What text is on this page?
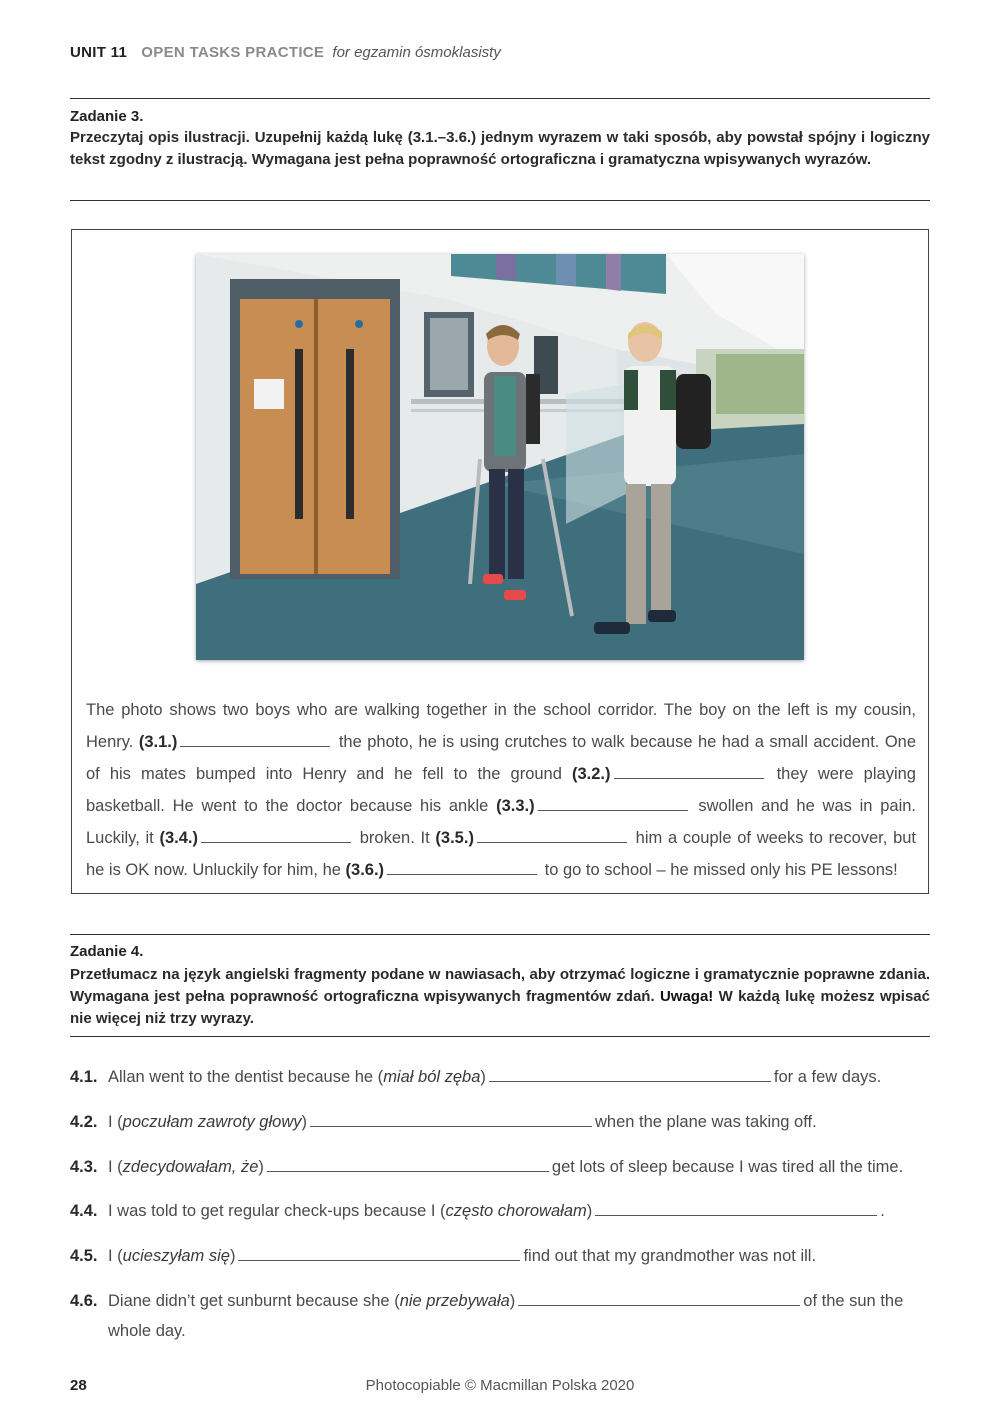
UNIT 11 OPEN TASKS PRACTICE for egzamin ósmoklasisty
Zadanie 3.
Przeczytaj opis ilustracji. Uzupełnij każdą lukę (3.1.–3.6.) jednym wyrazem w taki sposób, aby powstał spójny i logiczny tekst zgodny z ilustracją. Wymagana jest pełna poprawność ortograficzna i gramatyczna wpisywanych wyrazów.
The photo shows two boys who are walking together in the school corridor. The boy on the left is my cousin, Henry. (3.1.)	the photo, he is using crutches to walk because he had a small accident. One of his mates bumped into Henry and he fell to the ground (3.2.)	they were playing basketball. He went to the doctor because his ankle (3.3.)	swollen and he was in pain. Luckily, it (3.4.)	broken. It (3.5.)	him a couple of weeks to recover, but he is OK now. Unluckily for him, he (3.6.)	to go to school – he missed only his PE lessons!
Zadanie 4.
Przetłumacz na język angielski fragmenty podane w nawiasach, aby otrzymać logiczne i gramatycznie poprawne zdania. Wymagana jest pełna poprawność ortograficzna wpisywanych fragmentów zdań. Uwaga! W każdą lukę możesz wpisać nie więcej niż trzy wyrazy.
4.1. Allan went to the dentist because he (miał ból zęba)	for a few days.
4.2. I (poczułam zawroty głowy)	when the plane was taking off.
4.3. I (zdecydowałam, że)	get lots of sleep because I was tired all the time.
4.4. I was told to get regular check-ups because I (często chorowałam)	.
4.5. I (ucieszyłam się)	find out that my grandmother was not ill.
4.6. Diane didn’t get sunburnt because she (nie przebywała)	of the sun the whole day.
Photocopiable © Macmillan Polska 2020
28
